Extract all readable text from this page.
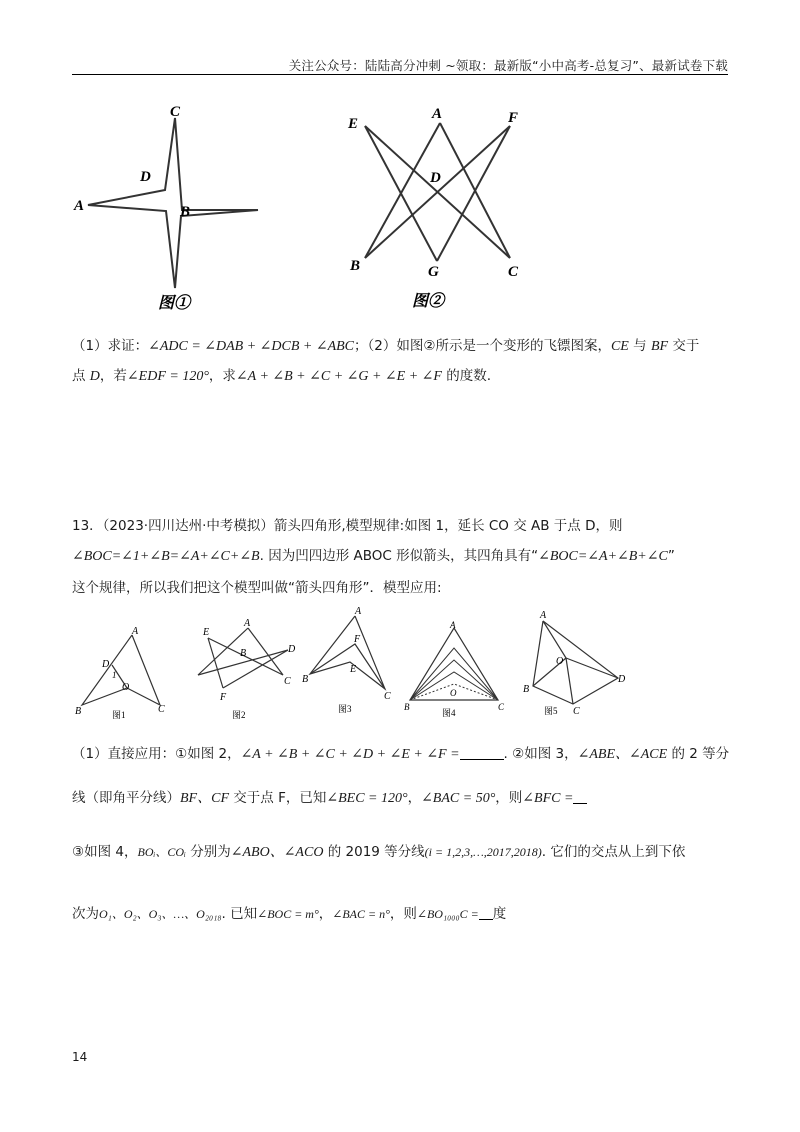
关注公众号：陆陆高分冲刺 ~领取：最新版“小中高考-总复习”、最新试卷下载
C
D
A	B
图①
E
A	F
D
B	G	C
图②
（1）求证：∠ADC = ∠DAB + ∠DCB + ∠ABC；（2）如图②所示是一个变形的飞镖图案，CE 与 BF 交于
点 D，若∠EDF = 120°，求∠A + ∠B + ∠C + ∠G + ∠E + ∠F 的度数.
13．（2023·四川达州·中考模拟）箭头四角形,模型规律:如图 1，延长 CO 交 AB 于点 D，则
∠BOC=∠1+∠B=∠A+∠C+∠B. 因为凹四边形 ABOC 形似箭头，其四角具有“∠BOC=∠A+∠B+∠C”
这个规律，所以我们把这个模型叫做“箭头四角形”．模型应用:
A
B	C
D
O
1
图1
E
A
B	D
C
F
图2
A
B
C
E
F
图3
A
B	C
O
图4
A
B
C
D
O
图5
（1）直接应用：①如图 2，∠A + ∠B + ∠C + ∠D + ∠E + ∠F =	. ②如图 3，∠ABE、∠ACE 的 2 等分
线（即角平分线）BF、CF 交于点 F，已知∠BEC = 120°，∠BAC = 50°，则∠BFC =
③如图 4，BOᵢ、COᵢ 分别为∠ABO、∠ACO 的 2019 等分线(i = 1,2,3,…,2017,2018). 它们的交点从上到下依
次为O₁、O₂、O₃、…、O₂₀₁₈. 已知∠BOC = m°，∠BAC = n°，则∠BO₁₀₀₀C = 度
14
